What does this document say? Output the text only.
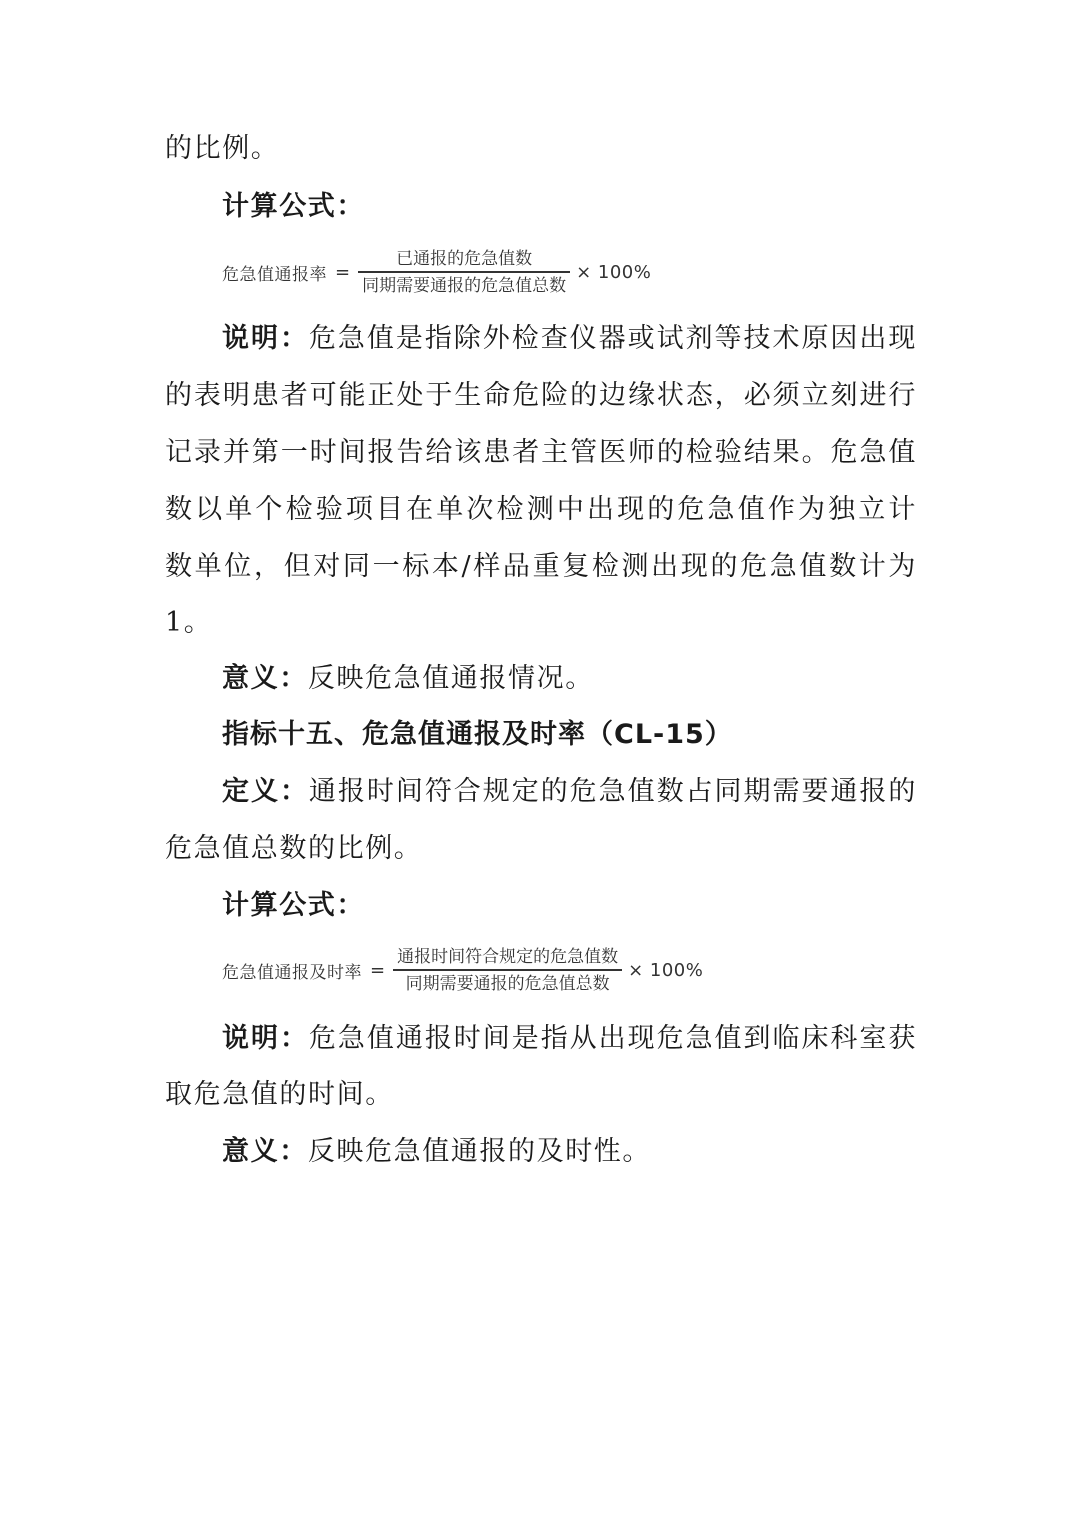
的比例。
计算公式：
危急值通报率 = $\frac{\text{已通报的危急值数}}{\text{同期需要通报的危急值总数}} \times 100\%$
说明：危急值是指除外检查仪器或试剂等技术原因出现
的表明患者可能正处于生命危险的边缘状态，必须立刻进行
记录并第一时间报告给该患者主管医师的检验结果。危急值
数以单个检验项目在单次检测中出现的危急值作为独立计
数单位，但对同一标本/样品重复检测出现的危急值数计为
1。
意义：反映危急值通报情况。
指标十五、危急值通报及时率（CL-15）
定义：通报时间符合规定的危急值数占同期需要通报的
危急值总数的比例。
计算公式：
危急值通报及时率 = $\frac{\text{通报时间符合规定的危急值数}}{\text{同期需要通报的危急值总数}} \times 100\%$
说明：危急值通报时间是指从出现危急值到临床科室获
取危急值的时间。
意义：反映危急值通报的及时性。
